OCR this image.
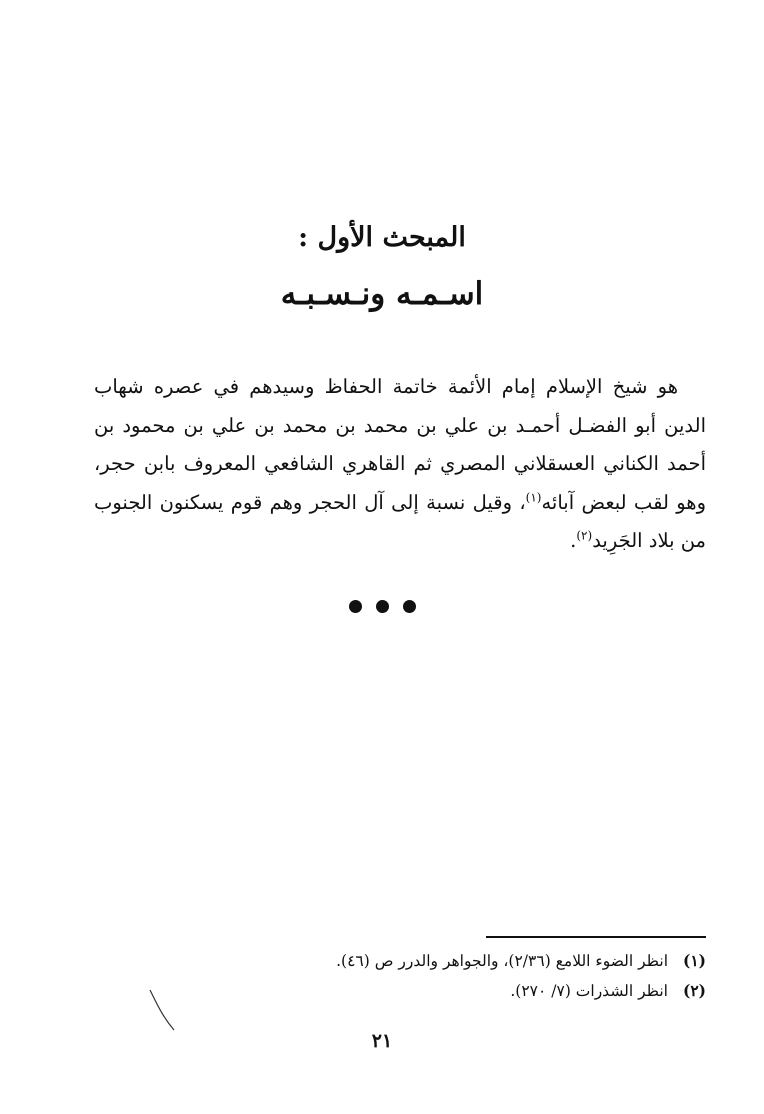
المبحث الأول :
اسـمـه ونـسـبـه

هو شيخ الإسلام إمام الأئمة خاتمة الحفاظ وسيدهم في عصره شهاب الدين أبو الفضـل أحمـد بن علي بن محمد بن محمد بن علي بن محمود بن أحمد الكناني العسقلاني المصري ثم القاهري الشافعي المعروف بابن حجر، وهو لقب لبعض آبائه$^{(١)}$، وقيل نسبة إلى آل الحجر وهم قوم يسكنون الجنوب من بلاد الجَرِيد$^{(٢)}$.

(١)انظر الضوء اللامع (٢/٣٦)، والجواهر والدرر ص (٤٦).
(٢)انظر الشذرات (٧/ ٢٧٠).
٢١
